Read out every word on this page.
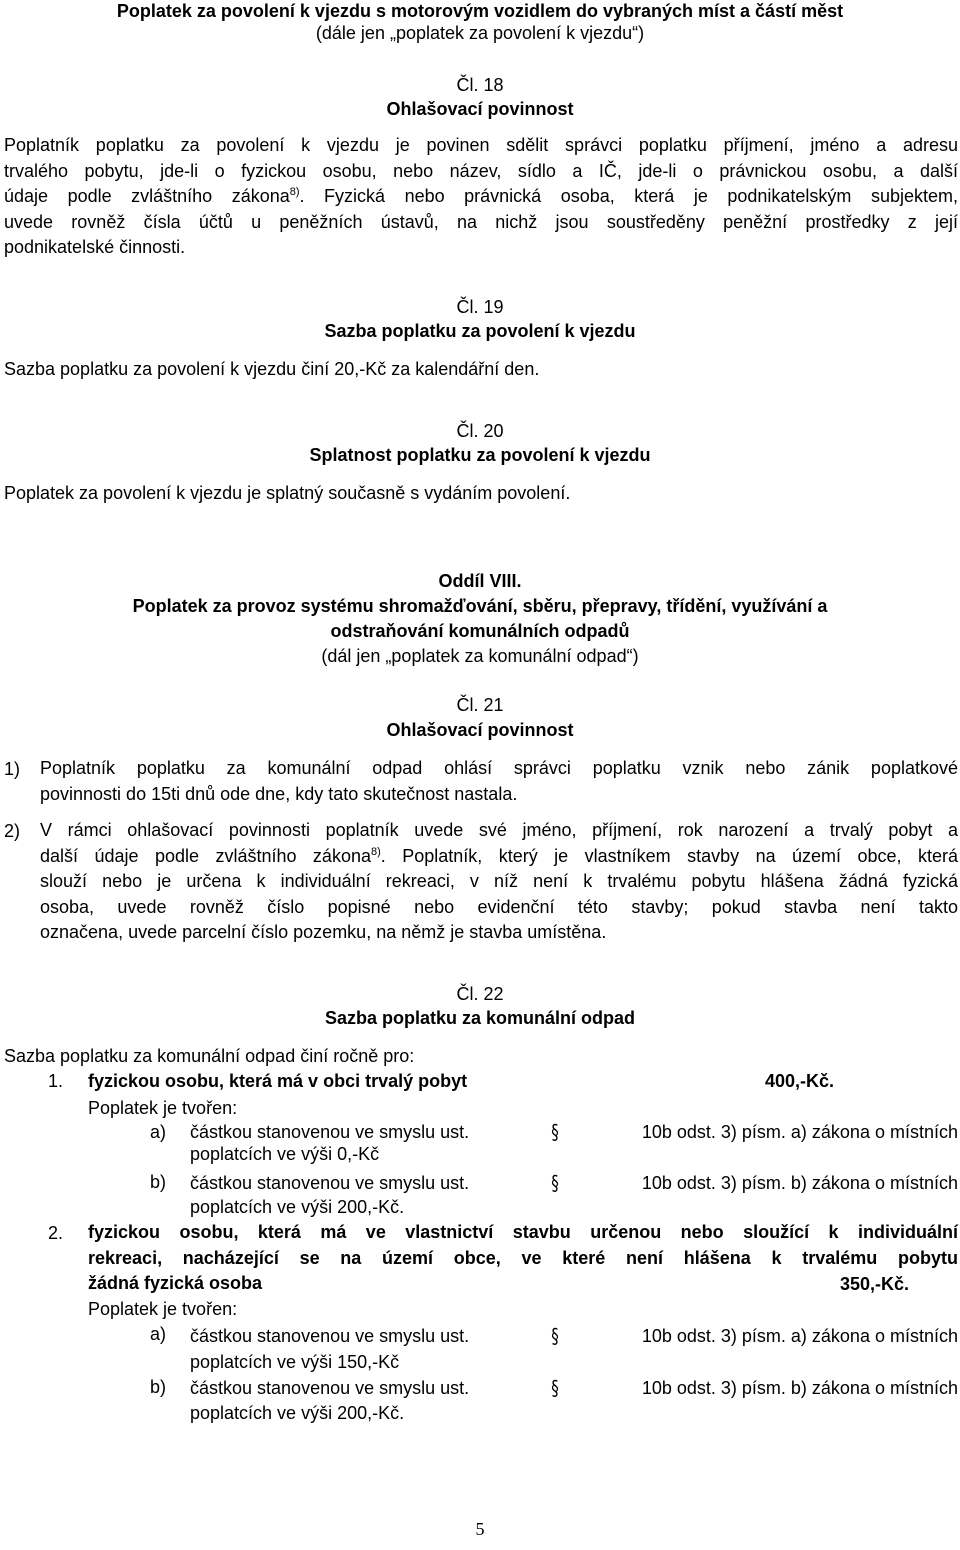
Poplatek za povolení k vjezdu s motorovým vozidlem do vybraných míst a částí měst
(dále jen „poplatek za povolení k vjezdu“)
Čl. 18
Ohlašovací povinnost

Poplatník poplatku za povolení k vjezdu je povinen sdělit správci poplatku příjmení, jméno a adresu

trvalého pobytu, jde-li o fyzickou osobu, nebo název, sídlo a IČ, jde-li o právnickou osobu, a další

údaje podle zvláštního zákona$^{8)}$. Fyzická nebo právnická osoba, která je podnikatelským subjektem,

uvede rovněž čísla účtů u peněžních ústavů, na nichž jsou soustředěny peněžní prostředky z její

podnikatelské činnosti.

Čl. 19
Sazba poplatku za povolení k vjezdu
Sazba poplatku za povolení k vjezdu činí 20,-Kč za kalendářní den.
Čl. 20
Splatnost poplatku za povolení k vjezdu
Poplatek za povolení k vjezdu je splatný současně s vydáním povolení.
Oddíl VIII.
Poplatek za provoz systému shromažďování, sběru, přepravy, třídění, využívání a
odstraňování komunálních odpadů
(dál jen „poplatek za komunální odpad“)
Čl. 21
Ohlašovací povinnost
1) Poplatník poplatku za komunální odpad ohlásí správci poplatku vznik nebo zánik poplatkové

povinnosti do 15ti dnů ode dne, kdy tato skutečnost nastala.

2) V rámci ohlašovací povinnosti poplatník uvede své jméno, příjmení, rok narození a trvalý pobyt a

další údaje podle zvláštního zákona$^{8)}$. Poplatník, který je vlastníkem stavby na území obce, která

slouží nebo je určena k individuální rekreaci, v níž není k trvalému pobytu hlášena žádná fyzická

osoba, uvede rovněž číslo popisné nebo evidenční této stavby; pokud stavba není takto

označena, uvede parcelní číslo pozemku, na němž je stavba umístěna.

Čl. 22
Sazba poplatku za komunální odpad
Sazba poplatku za komunální odpad činí ročně pro:
1. fyzickou osobu, která má v obci trvalý pobyt	400,-Kč.
Poplatek je tvořen:
a) částkou stanovenou ve smyslu ust.	§	10b odst. 3) písm. a) zákona o místních
poplatcích ve výši 0,-Kč
b) částkou stanovenou ve smyslu ust.	§	10b odst. 3) písm. b) zákona o místních
poplatcích ve výši 200,-Kč.
2. fyzickou osobu, která má ve vlastnictví stavbu určenou nebo sloužící k individuální

rekreaci, nacházející se na území obce, ve které není hlášena k trvalému pobytu

žádná fyzická osoba	350,-Kč.
Poplatek je tvořen:
a) částkou stanovenou ve smyslu ust.	§	10b odst. 3) písm. a) zákona o místních
poplatcích ve výši 150,-Kč
b) částkou stanovenou ve smyslu ust.	§	10b odst. 3) písm. b) zákona o místních
poplatcích ve výši 200,-Kč.
5
